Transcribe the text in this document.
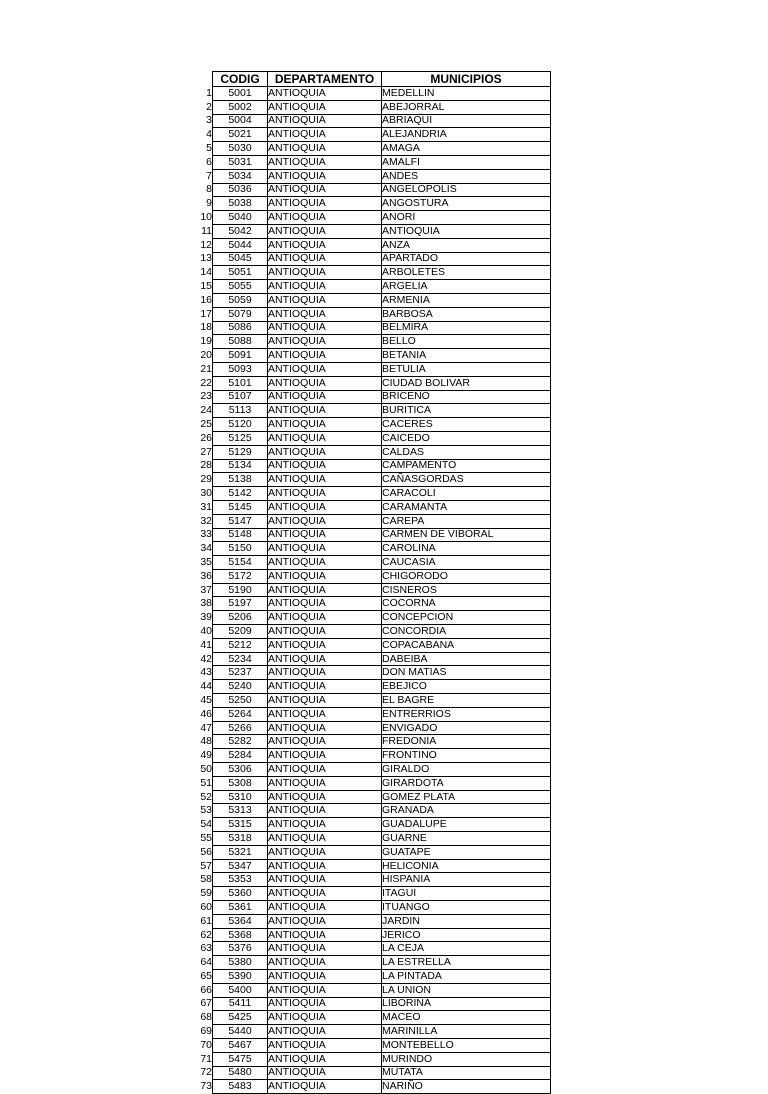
	CODIG	DEPARTAMENTO	MUNICIPIOS
1	5001	ANTIOQUIA	MEDELLIN
2	5002	ANTIOQUIA	ABEJORRAL
3	5004	ANTIOQUIA	ABRIAQUI
4	5021	ANTIOQUIA	ALEJANDRIA
5	5030	ANTIOQUIA	AMAGA
6	5031	ANTIOQUIA	AMALFI
7	5034	ANTIOQUIA	ANDES
8	5036	ANTIOQUIA	ANGELOPOLIS
9	5038	ANTIOQUIA	ANGOSTURA
10	5040	ANTIOQUIA	ANORI
11	5042	ANTIOQUIA	ANTIOQUIA
12	5044	ANTIOQUIA	ANZA
13	5045	ANTIOQUIA	APARTADO
14	5051	ANTIOQUIA	ARBOLETES
15	5055	ANTIOQUIA	ARGELIA
16	5059	ANTIOQUIA	ARMENIA
17	5079	ANTIOQUIA	BARBOSA
18	5086	ANTIOQUIA	BELMIRA
19	5088	ANTIOQUIA	BELLO
20	5091	ANTIOQUIA	BETANIA
21	5093	ANTIOQUIA	BETULIA
22	5101	ANTIOQUIA	CIUDAD BOLIVAR
23	5107	ANTIOQUIA	BRICEÑO
24	5113	ANTIOQUIA	BURITICA
25	5120	ANTIOQUIA	CACERES
26	5125	ANTIOQUIA	CAICEDO
27	5129	ANTIOQUIA	CALDAS
28	5134	ANTIOQUIA	CAMPAMENTO
29	5138	ANTIOQUIA	CAÑASGORDAS
30	5142	ANTIOQUIA	CARACOLI
31	5145	ANTIOQUIA	CARAMANTA
32	5147	ANTIOQUIA	CAREPA
33	5148	ANTIOQUIA	CARMEN DE VIBORAL
34	5150	ANTIOQUIA	CAROLINA
35	5154	ANTIOQUIA	CAUCASIA
36	5172	ANTIOQUIA	CHIGORODO
37	5190	ANTIOQUIA	CISNEROS
38	5197	ANTIOQUIA	COCORNA
39	5206	ANTIOQUIA	CONCEPCION
40	5209	ANTIOQUIA	CONCORDIA
41	5212	ANTIOQUIA	COPACABANA
42	5234	ANTIOQUIA	DABEIBA
43	5237	ANTIOQUIA	DON MATIAS
44	5240	ANTIOQUIA	EBEJICO
45	5250	ANTIOQUIA	EL BAGRE
46	5264	ANTIOQUIA	ENTRERRIOS
47	5266	ANTIOQUIA	ENVIGADO
48	5282	ANTIOQUIA	FREDONIA
49	5284	ANTIOQUIA	FRONTINO
50	5306	ANTIOQUIA	GIRALDO
51	5308	ANTIOQUIA	GIRARDOTA
52	5310	ANTIOQUIA	GOMEZ PLATA
53	5313	ANTIOQUIA	GRANADA
54	5315	ANTIOQUIA	GUADALUPE
55	5318	ANTIOQUIA	GUARNE
56	5321	ANTIOQUIA	GUATAPE
57	5347	ANTIOQUIA	HELICONIA
58	5353	ANTIOQUIA	HISPANIA
59	5360	ANTIOQUIA	ITAGUI
60	5361	ANTIOQUIA	ITUANGO
61	5364	ANTIOQUIA	JARDIN
62	5368	ANTIOQUIA	JERICO
63	5376	ANTIOQUIA	LA CEJA
64	5380	ANTIOQUIA	LA ESTRELLA
65	5390	ANTIOQUIA	LA PINTADA
66	5400	ANTIOQUIA	LA UNION
67	5411	ANTIOQUIA	LIBORINA
68	5425	ANTIOQUIA	MACEO
69	5440	ANTIOQUIA	MARINILLA
70	5467	ANTIOQUIA	MONTEBELLO
71	5475	ANTIOQUIA	MURINDO
72	5480	ANTIOQUIA	MUTATA
73	5483	ANTIOQUIA	NARIÑO
